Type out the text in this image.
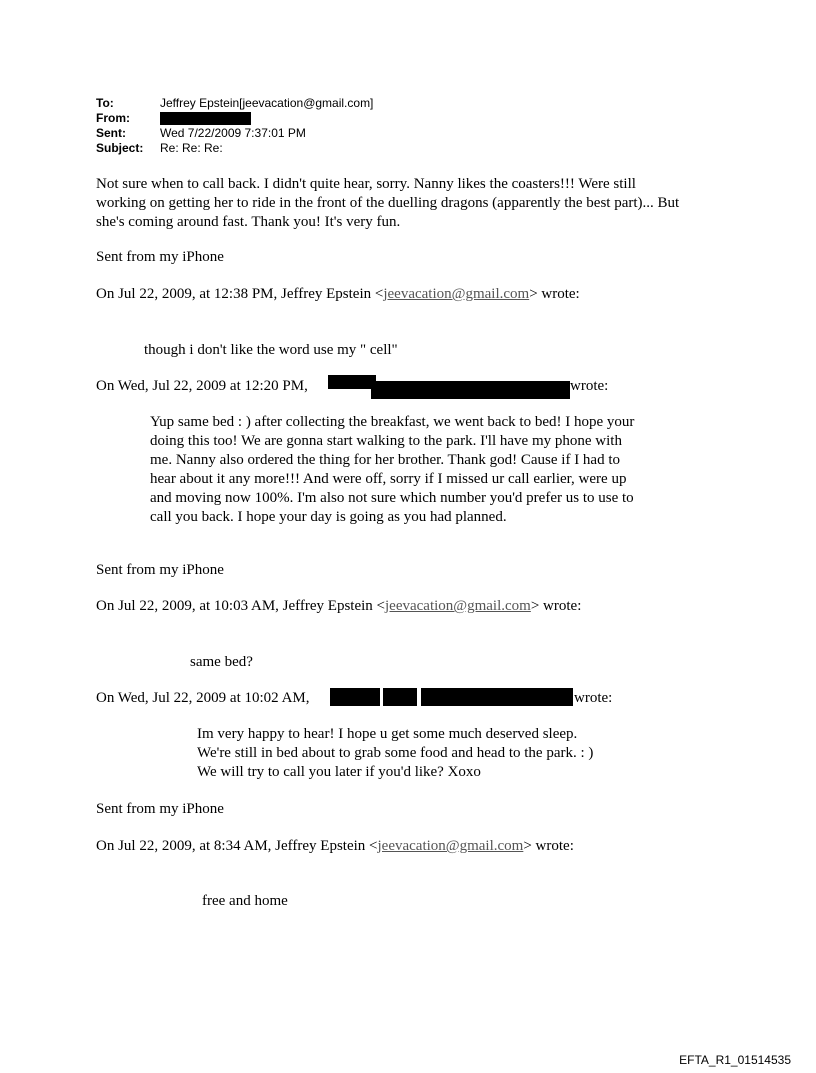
To:	Jeffrey Epstein[jeevacation@gmail.com]
From:
Sent:	Wed 7/22/2009 7:37:01 PM
Subject: Re: Re: Re:
Not sure when to call back. I didn't quite hear, sorry. Nanny likes the coasters!!! Were still
working on getting her to ride in the front of the duelling dragons (apparently the best part)... But
she's coming around fast. Thank you! It's very fun.
Sent from my iPhone
On Jul 22, 2009, at 12:38 PM, Jeffrey Epstein <jeevacation@gmail.com> wrote:
though i don't like the word use my " cell"
On Wed, Jul 22, 2009 at 12:20 PM,	wrote:
Yup same bed : ) after collecting the breakfast, we went back to bed! I hope your
doing this too! We are gonna start walking to the park. I'll have my phone with
me. Nanny also ordered the thing for her brother. Thank god! Cause if I had to
hear about it any more!!! And were off, sorry if I missed ur call earlier, were up
and moving now 100%. I'm also not sure which number you'd prefer us to use to
call you back. I hope your day is going as you had planned.
Sent from my iPhone
On Jul 22, 2009, at 10:03 AM, Jeffrey Epstein <jeevacation@gmail.com> wrote:
same bed?
On Wed, Jul 22, 2009 at 10:02 AM,	wrote:
Im very happy to hear! I hope u get some much deserved sleep.
We're still in bed about to grab some food and head to the park. : )
We will try to call you later if you'd like? Xoxo
Sent from my iPhone
On Jul 22, 2009, at 8:34 AM, Jeffrey Epstein <jeevacation@gmail.com> wrote:
free and home
EFTA_R1_01514535
